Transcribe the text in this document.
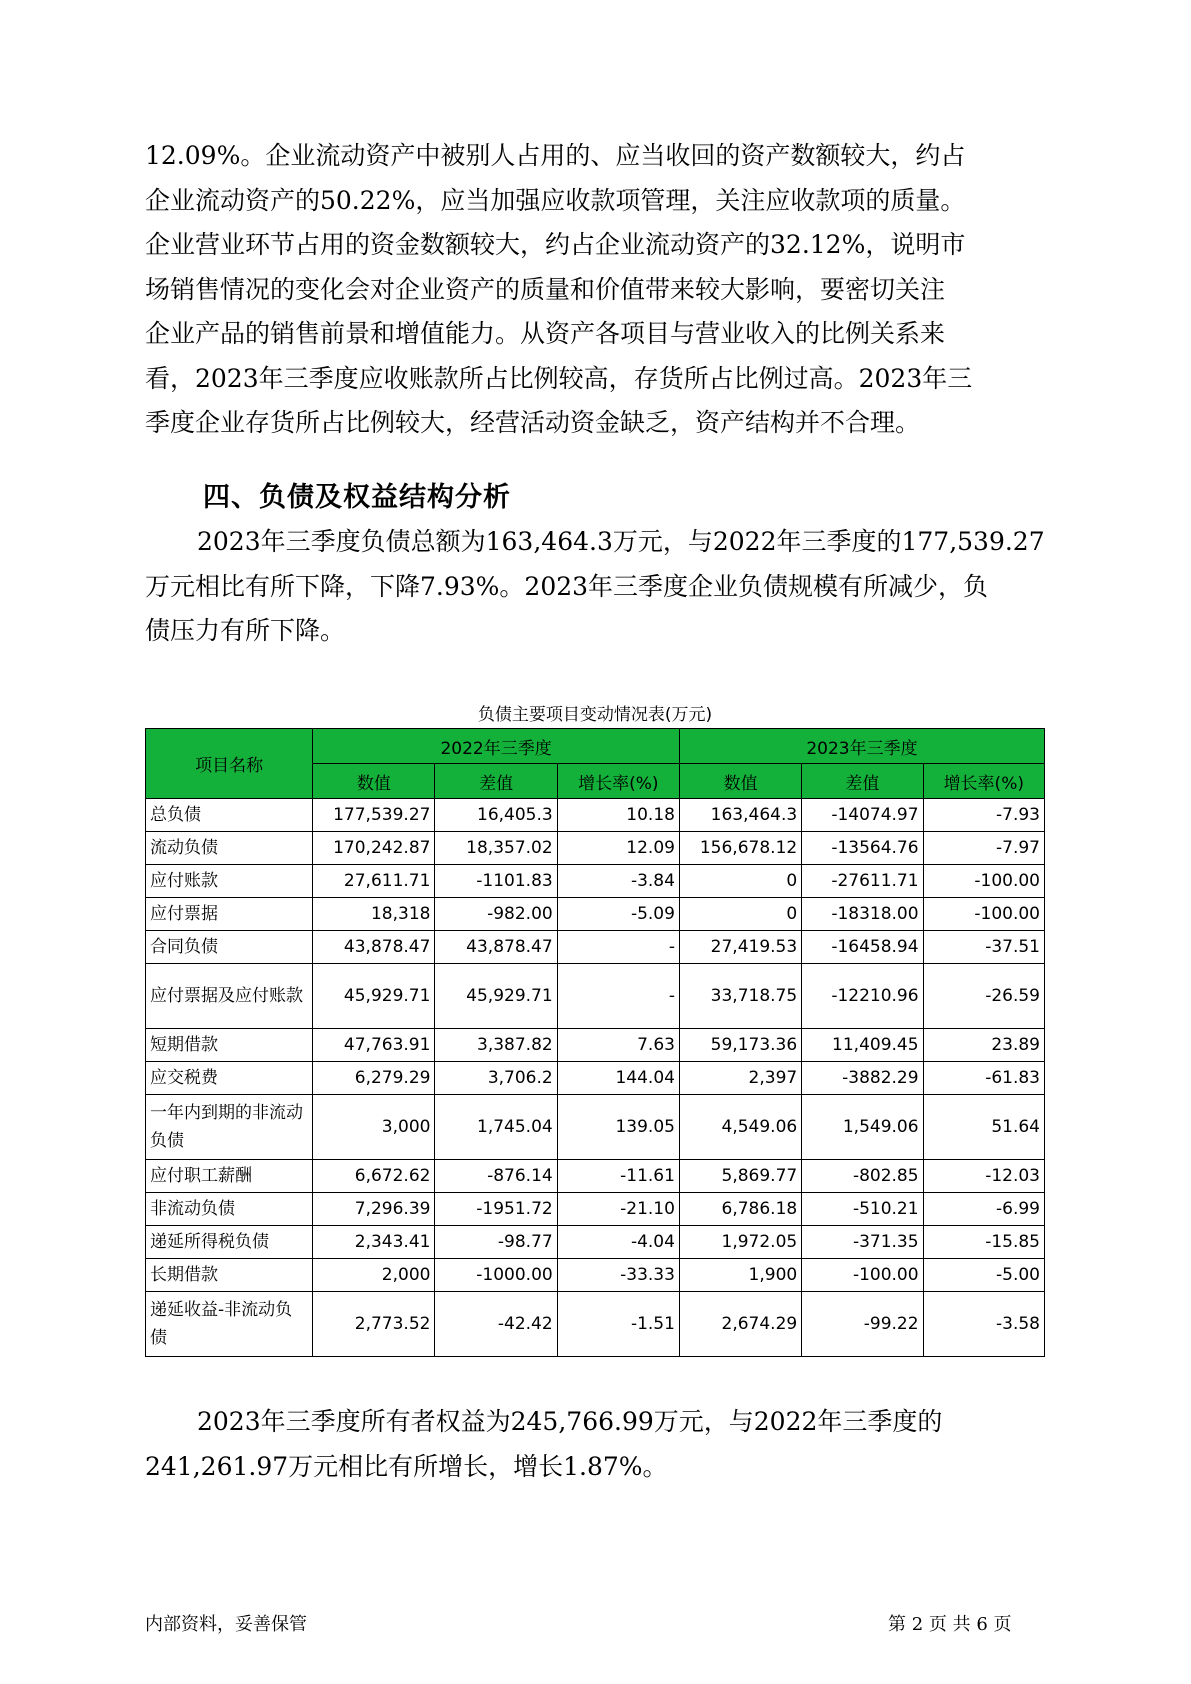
12.09%。企业流动资产中被别人占用的、应当收回的资产数额较大，约占

企业流动资产的50.22%，应当加强应收款项管理，关注应收款项的质量。

企业营业环节占用的资金数额较大，约占企业流动资产的32.12%，说明市

场销售情况的变化会对企业资产的质量和价值带来较大影响，要密切关注

企业产品的销售前景和增值能力。从资产各项目与营业收入的比例关系来

看，2023年三季度应收账款所占比例较高，存货所占比例过高。2023年三

季度企业存货所占比例较大，经营活动资金缺乏，资产结构并不合理。

四、负债及权益结构分析

2023年三季度负债总额为163,464.3万元，与2022年三季度的177,539.27

万元相比有所下降，下降7.93%。2023年三季度企业负债规模有所减少，负

债压力有所下降。

负债主要项目变动情况表(万元)
项目名称	2022年三季度			2023年三季度		
	数值	差值	增长率(%)	数值	差值	增长率(%)
总负债	177,539.27	16,405.3	10.18	163,464.3	-14074.97	-7.93
流动负债	170,242.87	18,357.02	12.09	156,678.12	-13564.76	-7.97
应付账款	27,611.71	-1101.83	-3.84	0	-27611.71	-100.00
应付票据	18,318	-982.00	-5.09	0	-18318.00	-100.00
合同负债	43,878.47	43,878.47	-	27,419.53	-16458.94	-37.51
应付票据及应付账款	45,929.71	45,929.71	-	33,718.75	-12210.96	-26.59
短期借款	47,763.91	3,387.82	7.63	59,173.36	11,409.45	23.89
应交税费	6,279.29	3,706.2	144.04	2,397	-3882.29	-61.83
一年内到期的非流动负债	3,000	1,745.04	139.05	4,549.06	1,549.06	51.64
应付职工薪酬	6,672.62	-876.14	-11.61	5,869.77	-802.85	-12.03
非流动负债	7,296.39	-1951.72	-21.10	6,786.18	-510.21	-6.99
递延所得税负债	2,343.41	-98.77	-4.04	1,972.05	-371.35	-15.85
长期借款	2,000	-1000.00	-33.33	1,900	-100.00	-5.00
递延收益-非流动负债	2,773.52	-42.42	-1.51	2,674.29	-99.22	-3.58

2023年三季度所有者权益为245,766.99万元，与2022年三季度的

241,261.97万元相比有所增长，增长1.87%。

内部资料，妥善保管	第 2 页 共 6 页
